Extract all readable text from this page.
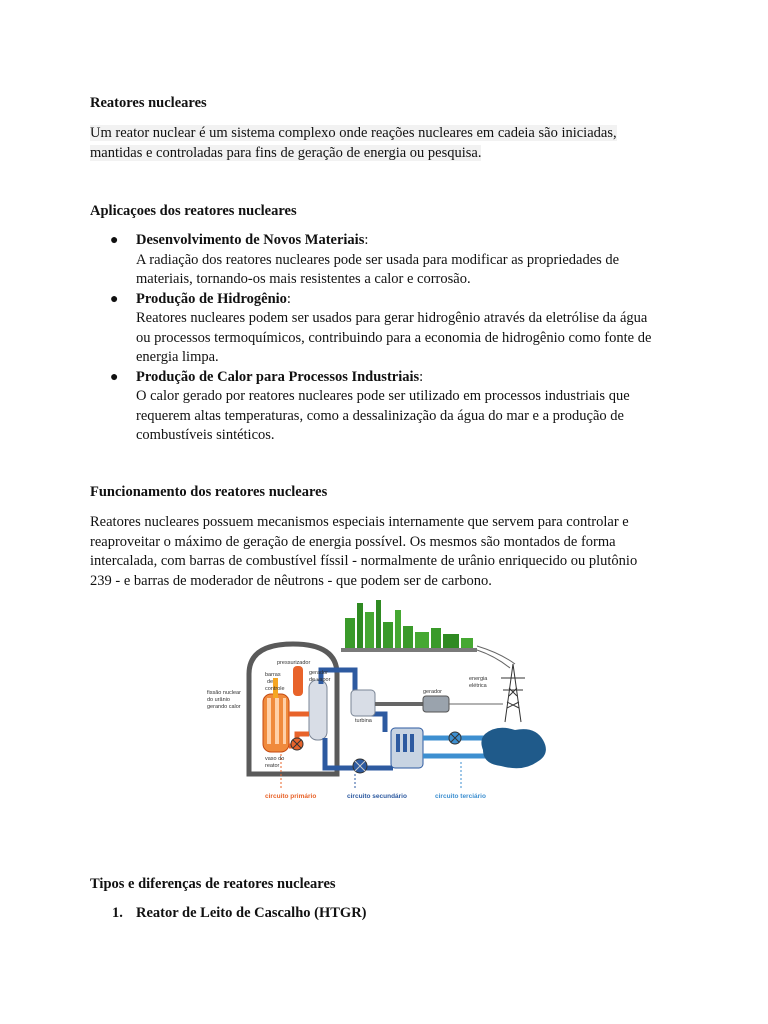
Reatores nucleares

Um reator nuclear é um sistema complexo onde reações nucleares em cadeia são iniciadas,
mantidas e controladas para fins de geração de energia ou pesquisa.

Aplicaçoes dos reatores nucleares
● Desenvolvimento de Novos Materiais:
A radiação dos reatores nucleares pode ser usada para modificar as propriedades de
materiais, tornando-os mais resistentes a calor e corrosão.
● Produção de Hidrogênio:
Reatores nucleares podem ser usados para gerar hidrogênio através da eletrólise da água
ou processos termoquímicos, contribuindo para a economia de hidrogênio como fonte de
energia limpa.
● Produção de Calor para Processos Industriais:
O calor gerado por reatores nucleares pode ser utilizado em processos industriais que
requerem altas temperaturas, como a dessalinização da água do mar e a produção de
combustíveis sintéticos.
Funcionamento dos reatores nucleares

Reatores nucleares possuem mecanismos especiais internamente que servem para controlar e
reaproveitar o máximo de geração de energia possível. Os mesmos são montados de forma
intercalada, com barras de combustível físsil - normalmente de urânio enriquecido ou plutônio
239 - e barras de moderador de nêutrons - que podem ser de carbono.

Tipos e diferenças de reatores nucleares
1. Reator de Leito de Cascalho (HTGR)
pressurizador
barras
de
controle
gerador
de vapor
fissão nuclear
do urânio
gerando calor
vaso do
reator
turbina
gerador
energia
elétrica
circuito primário	circuito secundário	circuito terciário
